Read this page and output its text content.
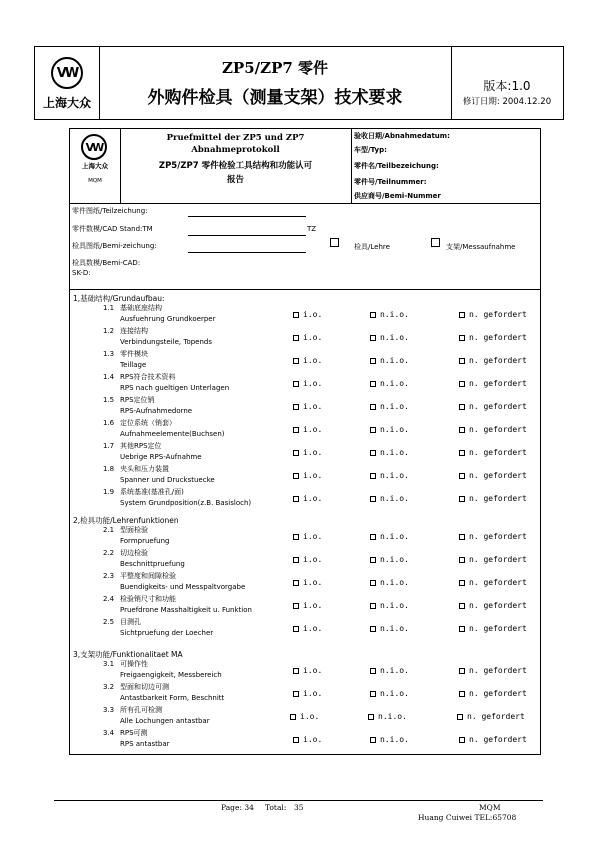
VW
上海大众
ZP5/ZP7 零件
外购件检具（测量支架）技术要求
版本:1.0
修订日期: 2004.12.20
VW
上海大众
MQM
Pruefmittel der ZP5 und ZP7
Abnahmeprotokoll
ZP5/ZP7 零件检验工具结构和功能认可
报告
验收日期/Abnahmedatum:
车型/Typ:
零件名/Teilbezeichung:
零件号/Teilnummer:
供应商号/Bemi-Nummer
零件图纸/Teilzeichung:
零件数模/CAD Stand:TM	TZ
检具图纸/Bemi-zeichung:
检具数模/Bemi-CAD:
SK-D:
检具/Lehre	支架/Messaufnahme
1,基础结构/Grundaufbau:
1.1 基础底座结构
Ausfuehrung Grundkoerper	i.o.	n.i.o.	n. gefordert
1.2 连接结构
Verbindungsteile, Topends	i.o.	n.i.o.	n. gefordert
1.3 零件模块
Teillage	i.o.	n.i.o.	n. gefordert
1.4 RPS符合技术资料
RPS nach gueltigen Unterlagen	i.o.	n.i.o.	n. gefordert
1.5 RPS定位销
RPS-Aufnahmedorne	i.o.	n.i.o.	n. gefordert
1.6 定位系统（销套）
Aufnahmeelemente(Buchsen)	i.o.	n.i.o.	n. gefordert
1.7 其他RPS定位
Uebrige RPS-Aufnahme	i.o.	n.i.o.	n. gefordert
1.8 夹头和压力装置
Spanner und Druckstuecke	i.o.	n.i.o.	n. gefordert
1.9 系统基准(基准孔/面)
System Grundposition(z.B. Basisloch)	i.o.	n.i.o.	n. gefordert
2,检具功能/Lehrenfunktionen
2.1 型面检验
Formpruefung	i.o.	n.i.o.	n. gefordert
2.2 切边检验
Beschnittpruefung	i.o.	n.i.o.	n. gefordert
2.3 平整度和间隙检验
Buendigkeits- und Messpaltvorgabe	i.o.	n.i.o.	n. gefordert
2.4 检验销尺寸和功能
Pruefdrone Masshaltigkeit u. Funktion	i.o.	n.i.o.	n. gefordert
2.5 目测孔
Sichtpruefung der Loecher	i.o.	n.i.o.	n. gefordert
3,支架功能/Funktionalitaet MA
3.1 可操作性
Freigaengigkeit, Messbereich	i.o.	n.i.o.	n. gefordert
3.2 型面和切边可测
Antastbarkeit Form, Beschnitt	i.o.	n.i.o.	n. gefordert
3.3 所有孔可检测
Alle Lochungen antastbar	i.o.	n.i.o.	n. gefordert
3.4 RPS可测
RPS antastbar	i.o.	n.i.o.	n. gefordert
Page: 34 Total: 35	MQM
Huang Cuiwei TEL:65708
